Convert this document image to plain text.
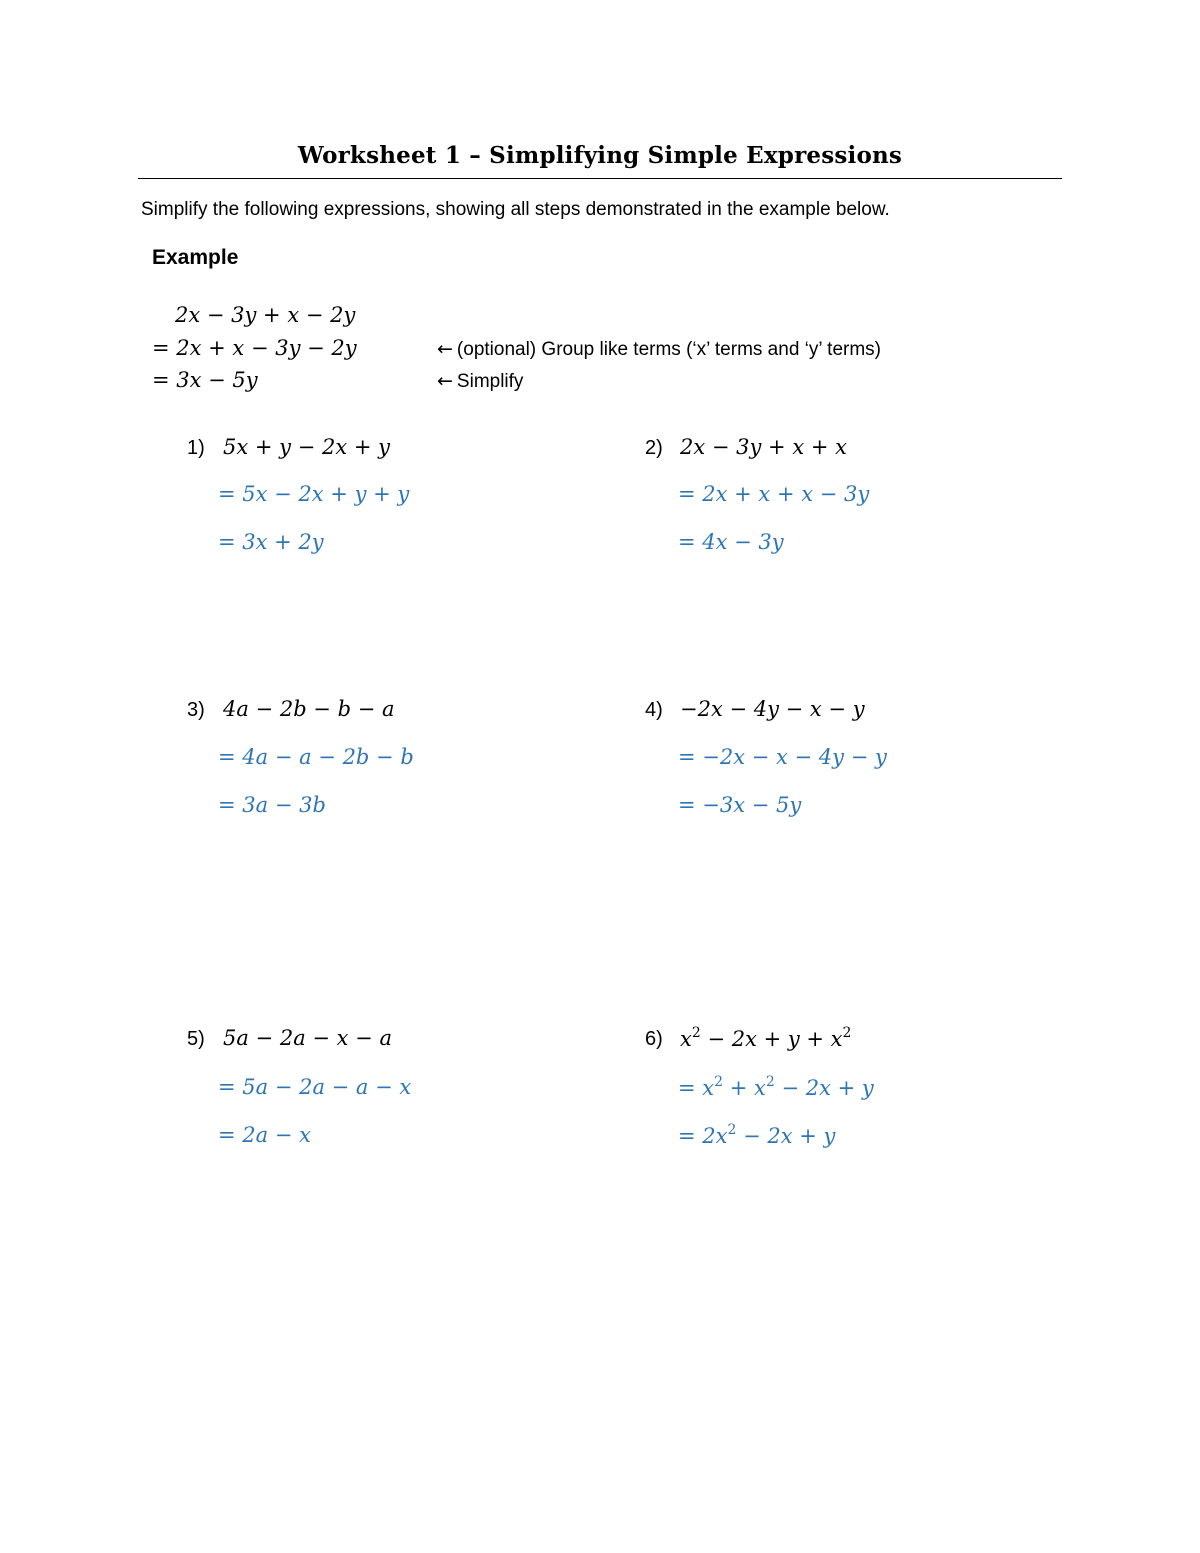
Worksheet 1 – Simplifying Simple Expressions
Simplify the following expressions, showing all steps demonstrated in the example below.
Example
2x − 3y + x − 2y
= 2x + x − 3y − 2y
= 3x − 5y
← (optional) Group like terms (‘x’ terms and ‘y’ terms)
← Simplify
1) 5x + y − 2x + y
= 5x − 2x + y + y
= 3x + 2y
2) 2x − 3y + x + x
= 2x + x + x − 3y
= 4x − 3y
3) 4a − 2b − b − a
= 4a − a − 2b − b
= 3a − 3b
4) −2x − 4y − x − y
= −2x − x − 4y − y
= −3x − 5y
5) 5a − 2a − x − a
= 5a − 2a − a − x
= 2a − x
6) $x^2 - 2x + y + x^2$
= $x^2 + x^2 - 2x + y$
= $2x^2 - 2x + y$
